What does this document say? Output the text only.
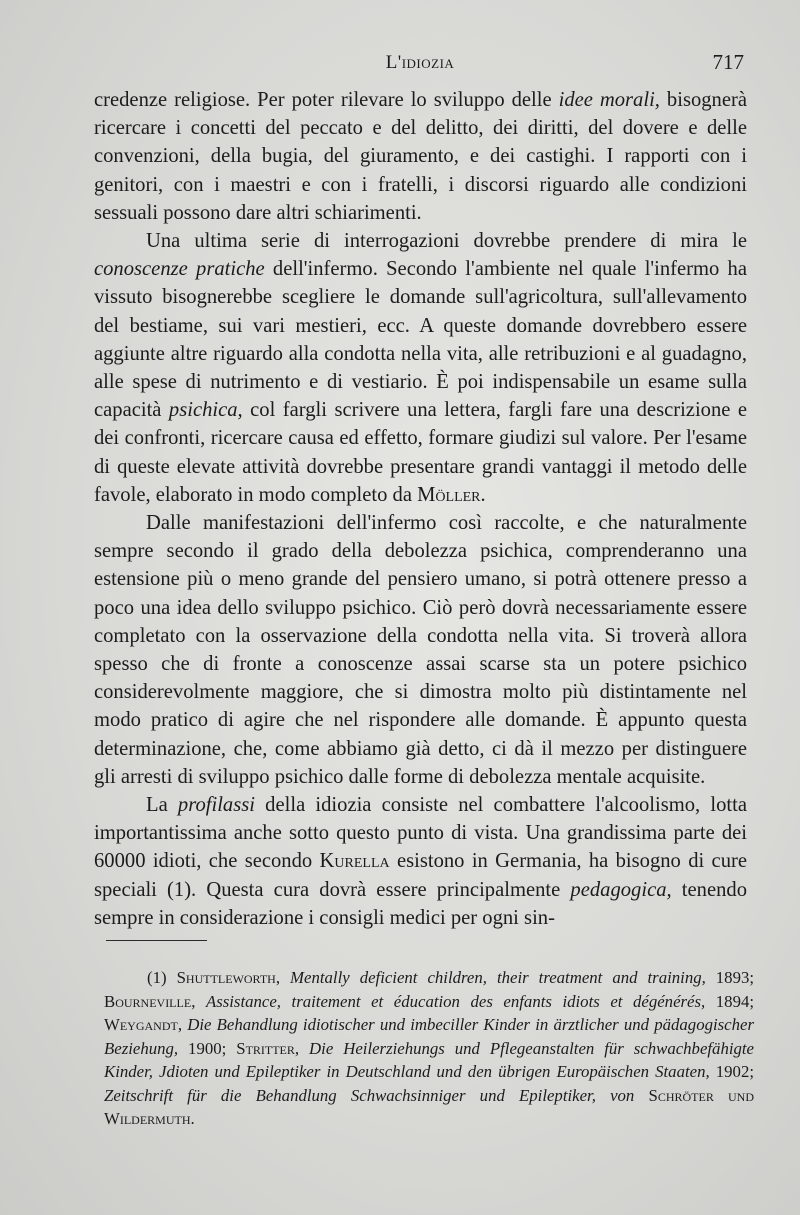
L'idiozia	717

credenze religiose. Per poter rilevare lo sviluppo delle idee morali, bisognerà ricercare i concetti del peccato e del delitto, dei diritti, del dovere e delle convenzioni, della bugia, del giuramento, e dei castighi. I rapporti con i genitori, con i maestri e con i fratelli, i discorsi riguardo alle condizioni sessuali possono dare altri schiarimenti.

Una ultima serie di interrogazioni dovrebbe prendere di mira le conoscenze pratiche dell'infermo. Secondo l'ambiente nel quale l'infermo ha vissuto bisognerebbe scegliere le domande sull'agricoltura, sull'allevamento del bestiame, sui vari mestieri, ecc. A queste domande dovrebbero essere aggiunte altre riguardo alla condotta nella vita, alle retribuzioni e al guadagno, alle spese di nutrimento e di vestiario. È poi indispensabile un esame sulla capacità psichica, col fargli scrivere una lettera, fargli fare una descrizione e dei confronti, ricercare causa ed effetto, formare giudizi sul valore. Per l'esame di queste elevate attività dovrebbe presentare grandi vantaggi il metodo delle favole, elaborato in modo completo da Möller.

Dalle manifestazioni dell'infermo così raccolte, e che naturalmente sempre secondo il grado della debolezza psichica, comprenderanno una estensione più o meno grande del pensiero umano, si potrà ottenere presso a poco una idea dello sviluppo psichico. Ciò però dovrà necessariamente essere completato con la osservazione della condotta nella vita. Si troverà allora spesso che di fronte a conoscenze assai scarse sta un potere psichico considerevolmente maggiore, che si dimostra molto più distintamente nel modo pratico di agire che nel rispondere alle domande. È appunto questa determinazione, che, come abbiamo già detto, ci dà il mezzo per distinguere gli arresti di sviluppo psichico dalle forme di debolezza mentale acquisite.

La profilassi della idiozia consiste nel combattere l'alcoolismo, lotta importantissima anche sotto questo punto di vista. Una grandissima parte dei 60000 idioti, che secondo Kurella esistono in Germania, ha bisogno di cure speciali (1). Questa cura dovrà essere principalmente pedagogica, tenendo sempre in considerazione i consigli medici per ogni sin-

(1) Shuttleworth, Mentally deficient children, their treatment and training, 1893; Bourneville, Assistance, traitement et éducation des enfants idiots et dégénérés, 1894; Weygandt, Die Behandlung idiotischer und imbeciller Kinder in ärztlicher und pädagogischer Beziehung, 1900; Stritter, Die Heilerziehungs und Pflegeanstalten für schwachbefähigte Kinder, Jdioten und Epileptiker in Deutschland und den übrigen Europäischen Staaten, 1902; Zeitschrift für die Behandlung Schwachsinniger und Epileptiker, von Schröter und Wildermuth.
